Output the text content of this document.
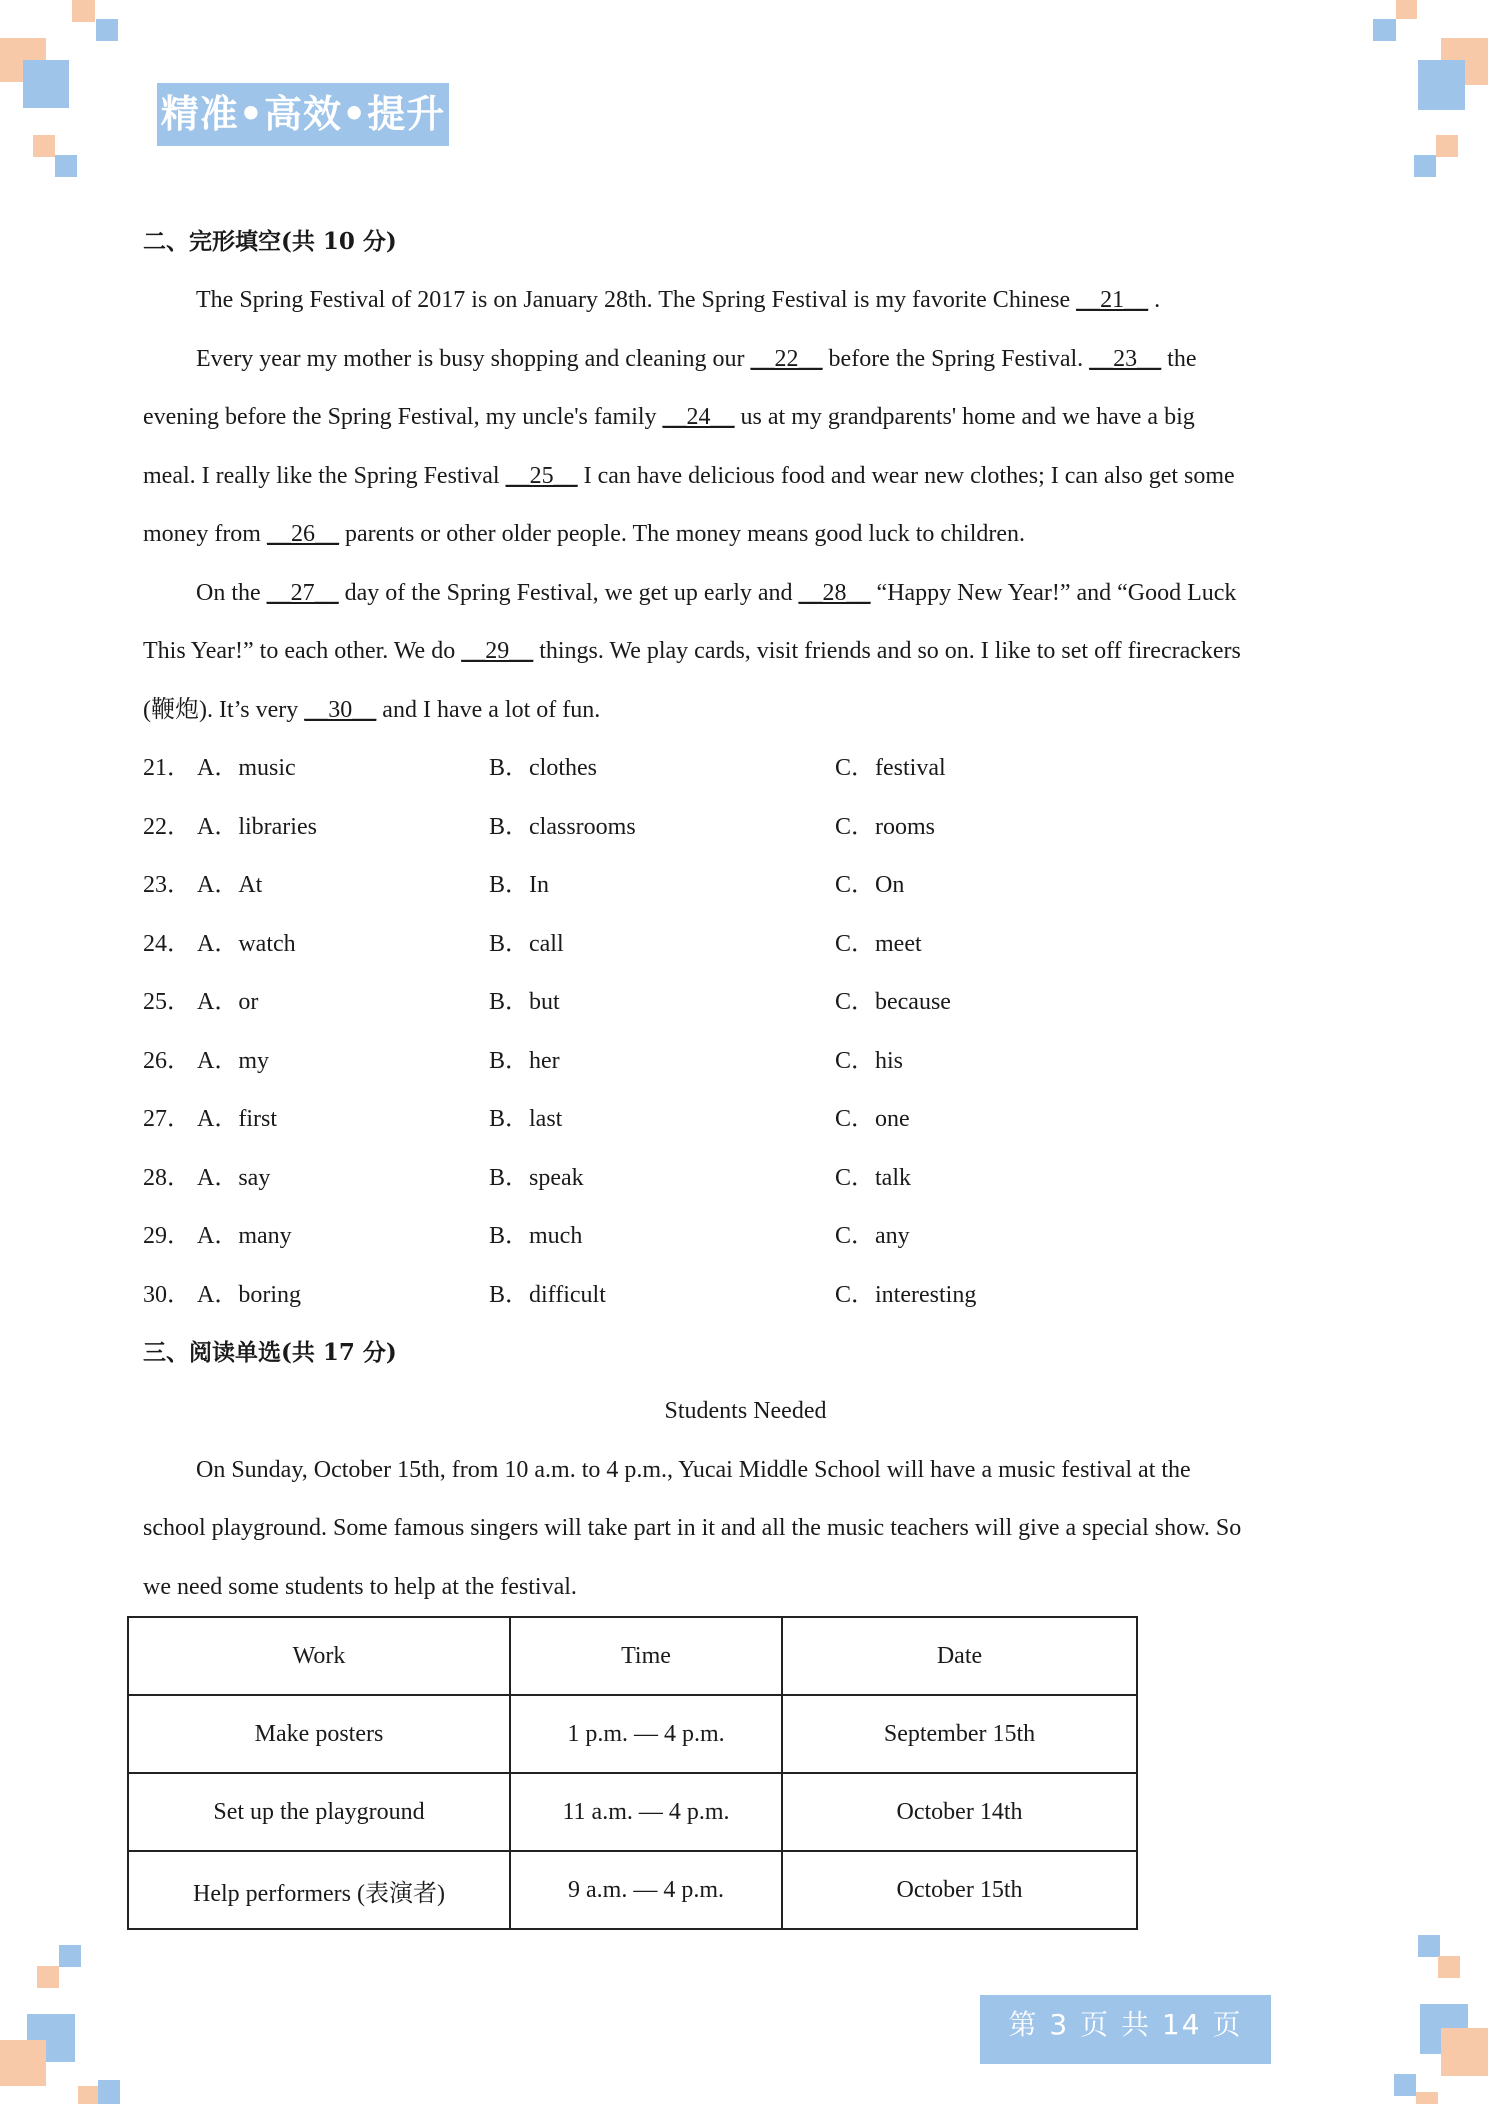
精准•高效•提升
二、完形填空(共 10 分)
The Spring Festival of 2017 is on January 28th. The Spring Festival is my favorite Chinese __21__ .
Every year my mother is busy shopping and cleaning our __22__ before the Spring Festival. __23__ the
evening before the Spring Festival, my uncle's family __24__ us at my grandparents' home and we have a big
meal. I really like the Spring Festival __25__ I can have delicious food and wear new clothes; I can also get some
money from __26__ parents or other older people. The money means good luck to children.
On the __27__ day of the Spring Festival, we get up early and __28__ “Happy New Year!” and “Good Luck
This Year!” to each other. We do __29__ things. We play cards, visit friends and so on. I like to set off firecrackers
(鞭炮). It’s very __30__ and I have a lot of fun.
21． A．music	B．clothes	C．festival
22． A．libraries	B．classrooms	C．rooms
23． A．At	B．In	C．On
24． A．watch	B．call	C．meet
25． A．or	B．but	C．because
26． A．my	B．her	C．his
27． A．first	B．last	C．one
28． A．say	B．speak	C．talk
29． A．many	B．much	C．any
30． A．boring	B．difficult	C．interesting
三、阅读单选(共 17 分)
Students Needed
On Sunday, October 15th, from 10 a.m. to 4 p.m., Yucai Middle School will have a music festival at the
school playground. Some famous singers will take part in it and all the music teachers will give a special show. So
we need some students to help at the festival.
Work	Time	Date
Make posters	1 p.m. — 4 p.m.	September 15th
Set up the playground	11 a.m. — 4 p.m.	October 14th
Help performers (表演者)	9 a.m. — 4 p.m.	October 15th
第 3 页 共 14 页
